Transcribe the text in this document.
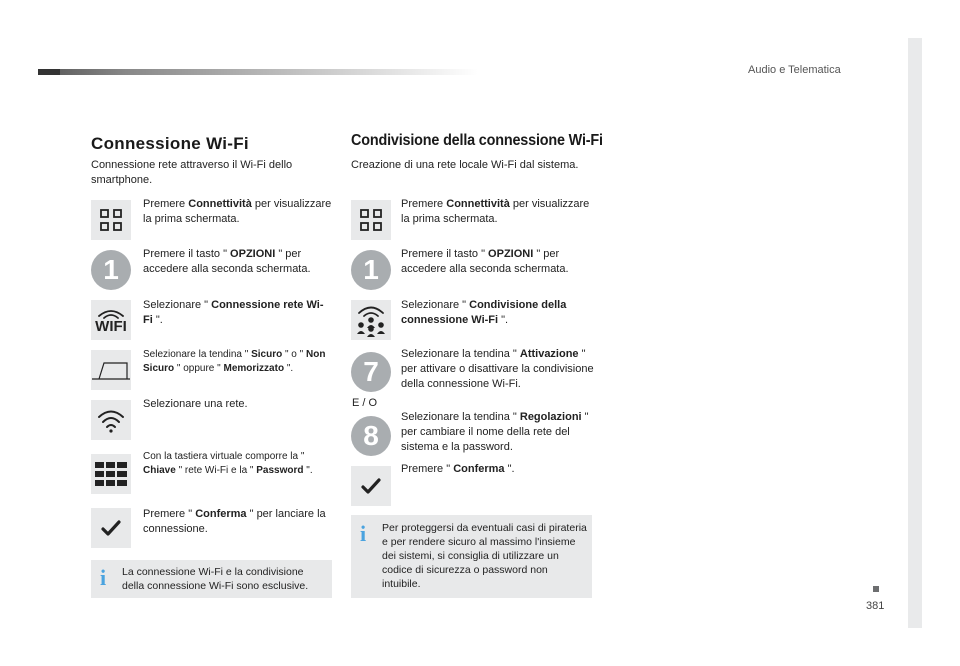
Audio e Telematica
381
Connessione Wi-Fi
Connessione rete attraverso il Wi-Fi dello smartphone.
Premere Connettività per visualizzare la prima schermata.
1	Premere il tasto " OPZIONI " per accedere alla seconda schermata.
WIFI
Selezionare " Connessione rete Wi-Fi ".
Selezionare la tendina " Sicuro " o " Non Sicuro " oppure " Memorizzato ".
Selezionare una rete.
Con la tastiera virtuale comporre la " Chiave " rete Wi-Fi e la " Password ".
Premere " Conferma " per lanciare la connessione.
i La connessione Wi-Fi e la condivisione della connessione Wi-Fi sono esclusive.
Condivisione della connessione Wi-Fi
Creazione di una rete locale Wi-Fi dal sistema.
Premere Connettività per visualizzare la prima schermata.
1	Premere il tasto " OPZIONI " per accedere alla seconda schermata.
Selezionare " Condivisione della connessione Wi-Fi ".
7
Selezionare la tendina " Attivazione " per attivare o disattivare la condivisione della connessione Wi-Fi.
E / O
8
Selezionare la tendina " Regolazioni " per cambiare il nome della rete del sistema e la password.
Premere " Conferma ".
i Per proteggersi da eventuali casi di pirateria e per rendere sicuro al massimo l'insieme dei sistemi, si consiglia di utilizzare un codice di sicurezza o password non intuibile.
